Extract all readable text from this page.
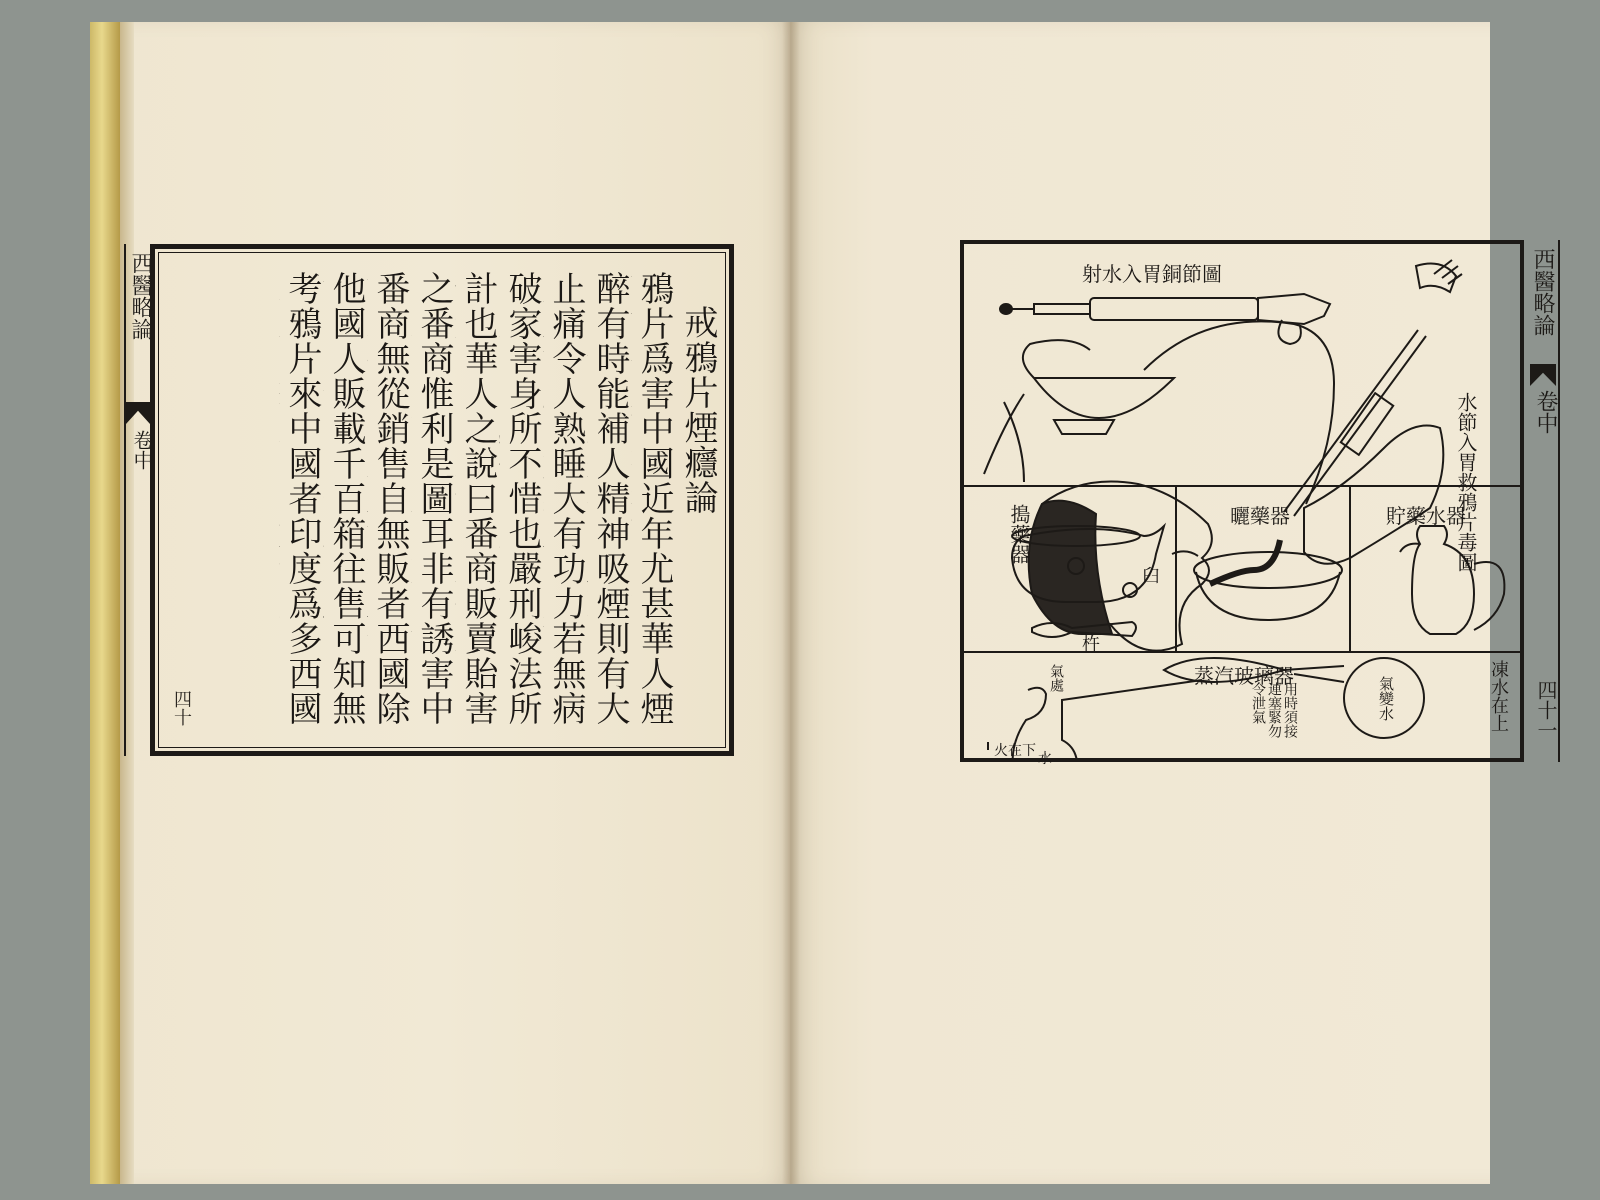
西醫略論
卷中	戒鴉片煙癮論
鴉片爲害中國近年尤甚華人煙
醉有時能補人精神吸煙則有大
止痛令人熟睡大有功力若無病
破家害身所不惜也嚴刑峻法所
計也華人之說曰番商販賣貽害
之番商惟利是圖耳非有誘害中
番商無從銷售自無販者西國除
他國人販載千百箱往售可知無
考鴉片來中國者印度爲多西國
四十
射水入胃銅節圖
水節入胃救鴉片毒圖
搗藥器
臼
杵
曬藥器	貯藥水器
蒸汽玻璃器
氣處
水
火在下
用時須接連塞緊勿令泄氣	氣變水	凍水在上
西醫略論
卷中
四十一
